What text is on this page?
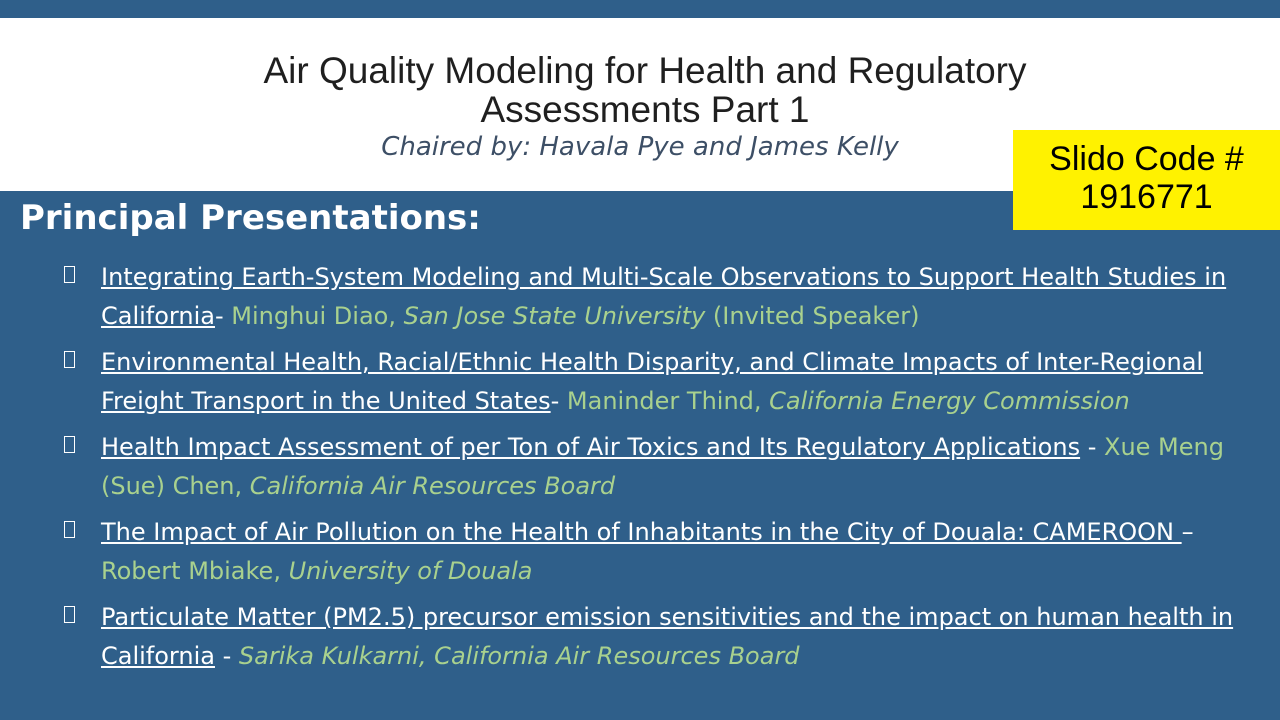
Air Quality Modeling for Health and Regulatory
Assessments Part 1
Chaired by: Havala Pye and James Kelly	Slido Code #
1916771
Principal Presentations:
Integrating Earth-System Modeling and Multi-Scale Observations to Support Health Studies in California- Minghui Diao, San Jose State University (Invited Speaker)
Environmental Health, Racial/Ethnic Health Disparity, and Climate Impacts of Inter-Regional Freight Transport in the United States- Maninder Thind, California Energy Commission
Health Impact Assessment of per Ton of Air Toxics and Its Regulatory Applications - Xue Meng (Sue) Chen, California Air Resources Board
The Impact of Air Pollution on the Health of Inhabitants in the City of Douala: CAMEROON – Robert Mbiake, University of Douala
Particulate Matter (PM2.5) precursor emission sensitivities and the impact on human health in California - Sarika Kulkarni, California Air Resources Board
